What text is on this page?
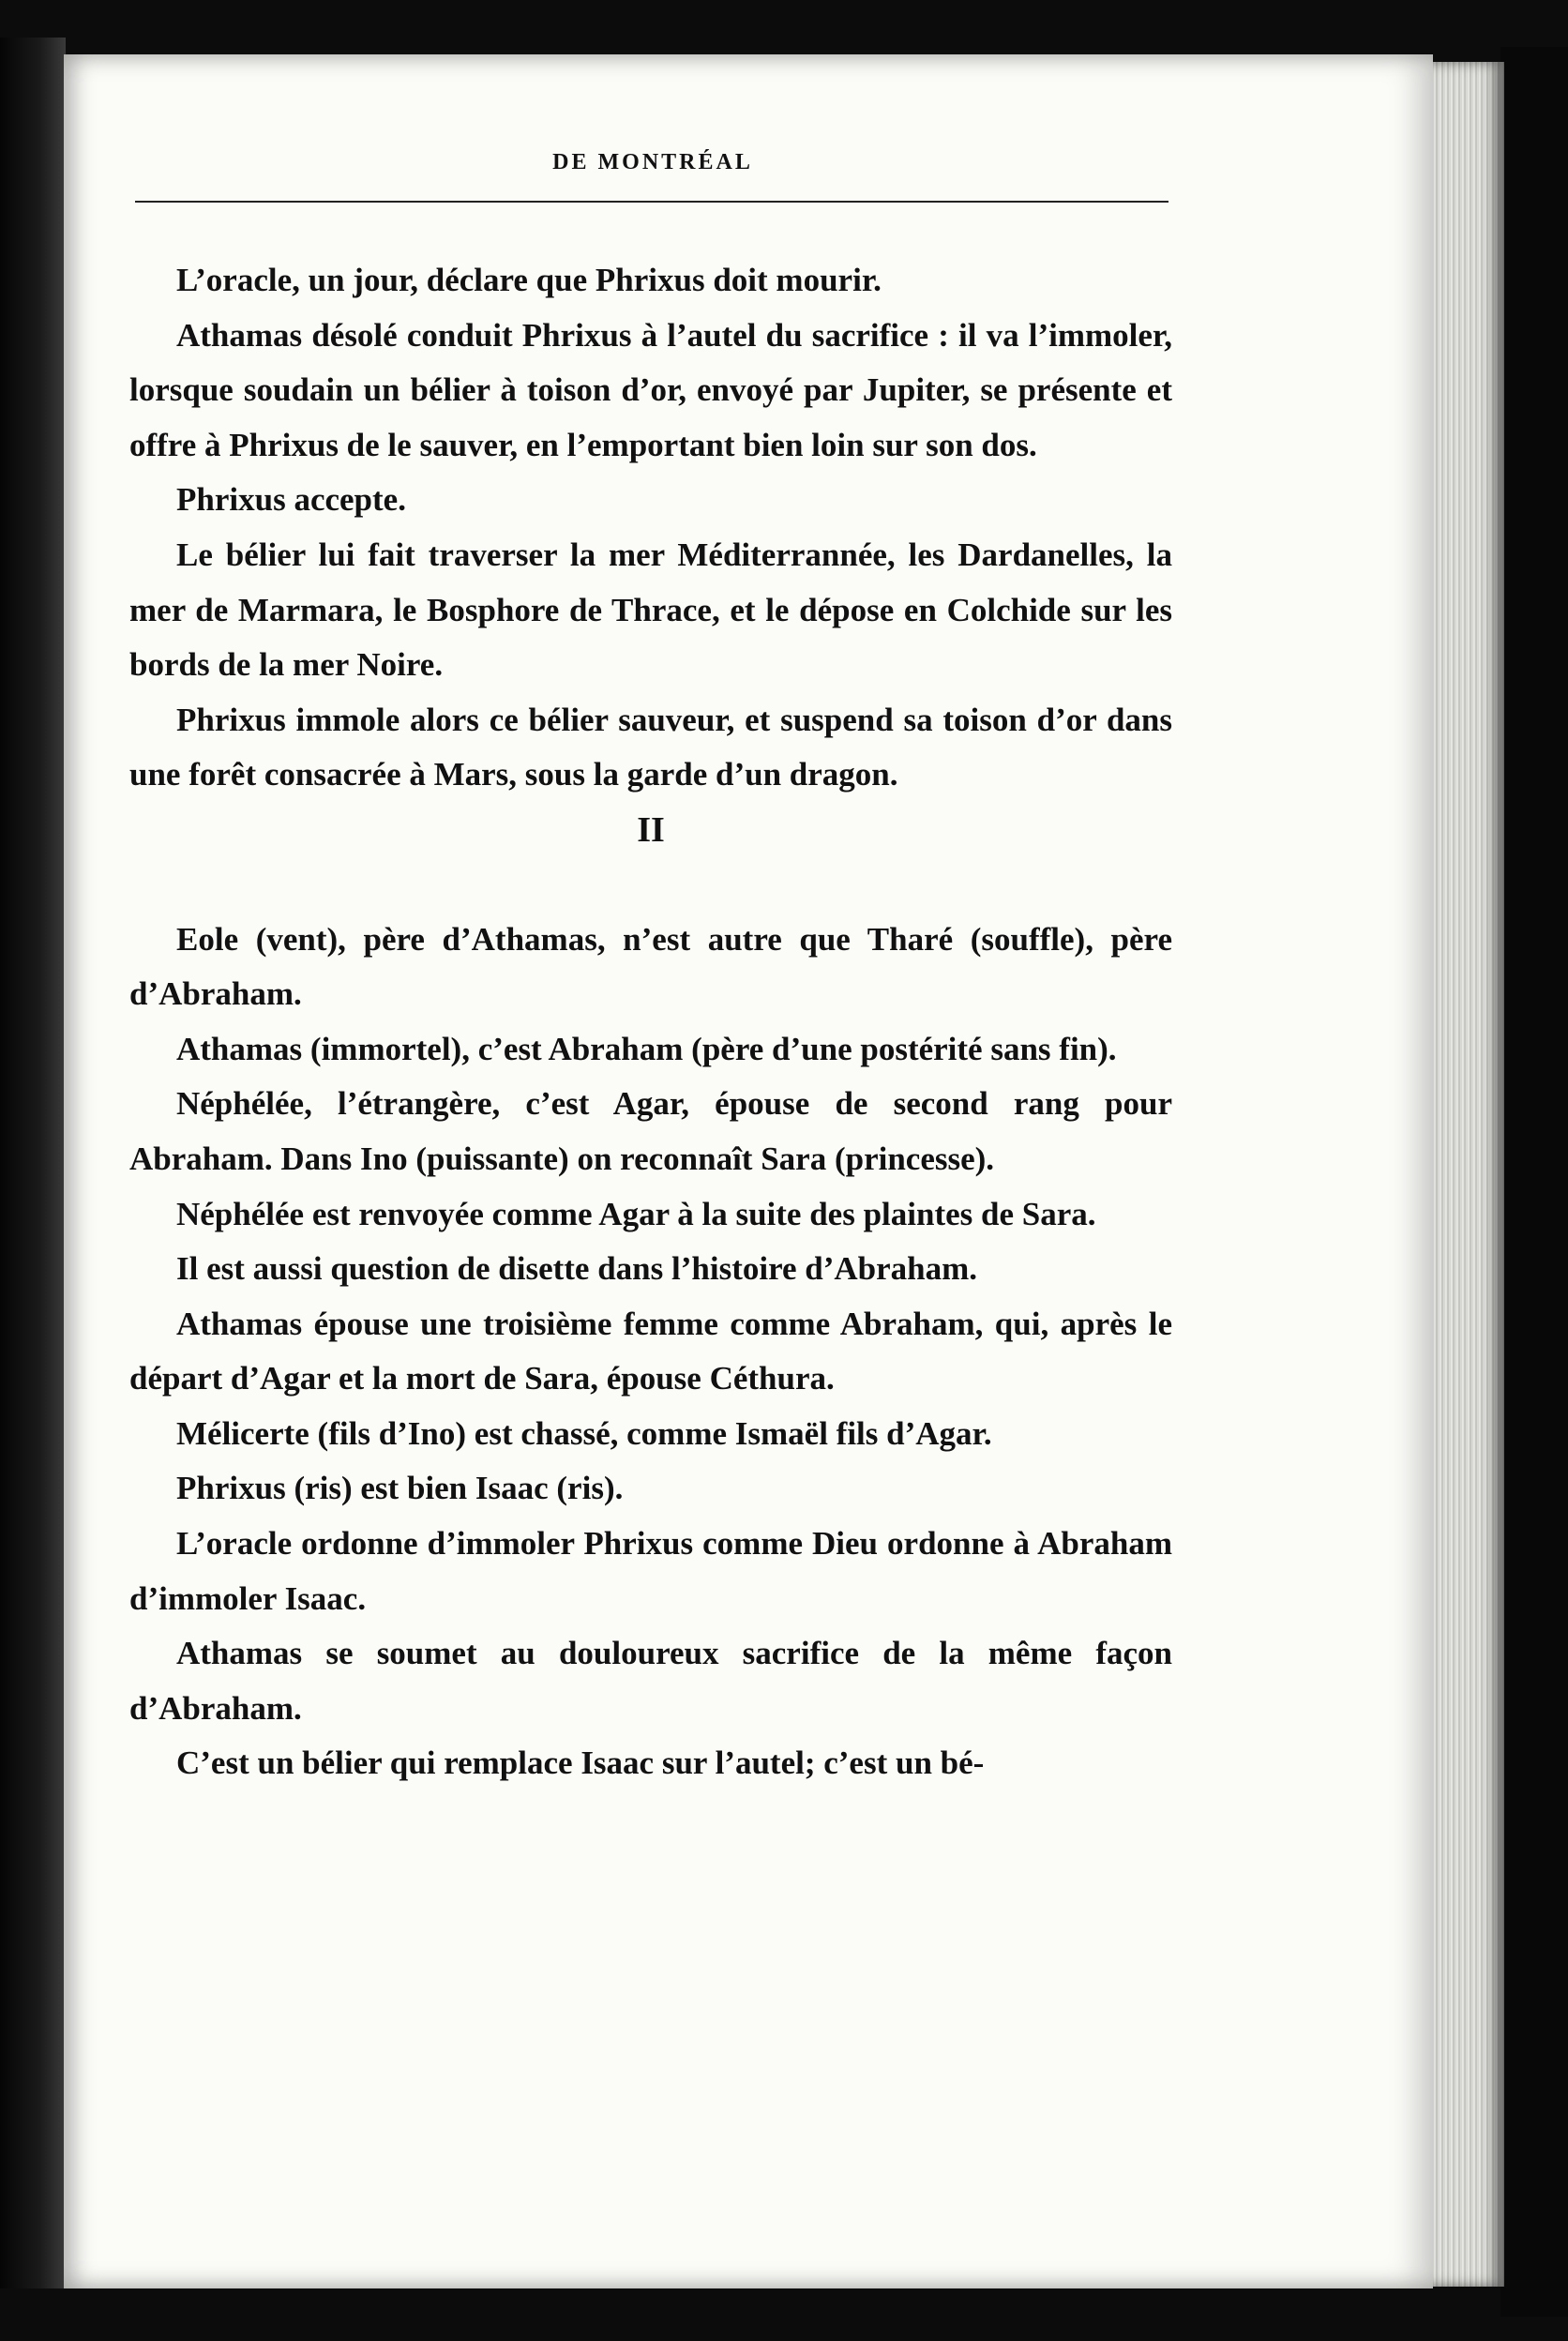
DE MONTRÉAL

L’oracle, un jour, déclare que Phrixus doit mourir.

Athamas désolé conduit Phrixus à l’autel du sacrifice : il va l’immoler, lorsque soudain un bélier à toison d’or, envoyé par Jupiter, se présente et offre à Phrixus de le sauver, en l’emportant bien loin sur son dos.

Phrixus accepte.

Le bélier lui fait traverser la mer Méditerrannée, les Dardanelles, la mer de Marmara, le Bosphore de Thrace, et le dépose en Colchide sur les bords de la mer Noire.

Phrixus immole alors ce bélier sauveur, et suspend sa toison d’or dans une forêt consacrée à Mars, sous la garde d’un dragon.

II

Eole (vent), père d’Athamas, n’est autre que Tharé (souffle), père d’Abraham.

Athamas (immortel), c’est Abraham (père d’une postérité sans fin).

Néphélée, l’étrangère, c’est Agar, épouse de second rang pour Abraham. Dans Ino (puissante) on reconnaît Sara (princesse).

Néphélée est renvoyée comme Agar à la suite des plaintes de Sara.

Il est aussi question de disette dans l’histoire d’Abraham.

Athamas épouse une troisième femme comme Abraham, qui, après le départ d’Agar et la mort de Sara, épouse Céthura.

Mélicerte (fils d’Ino) est chassé, comme Ismaël fils d’Agar.

Phrixus (ris) est bien Isaac (ris).

L’oracle ordonne d’immoler Phrixus comme Dieu ordonne à Abraham d’immoler Isaac.

Athamas se soumet au douloureux sacrifice de la même façon d’Abraham.

C’est un bélier qui remplace Isaac sur l’autel; c’est un bé-
